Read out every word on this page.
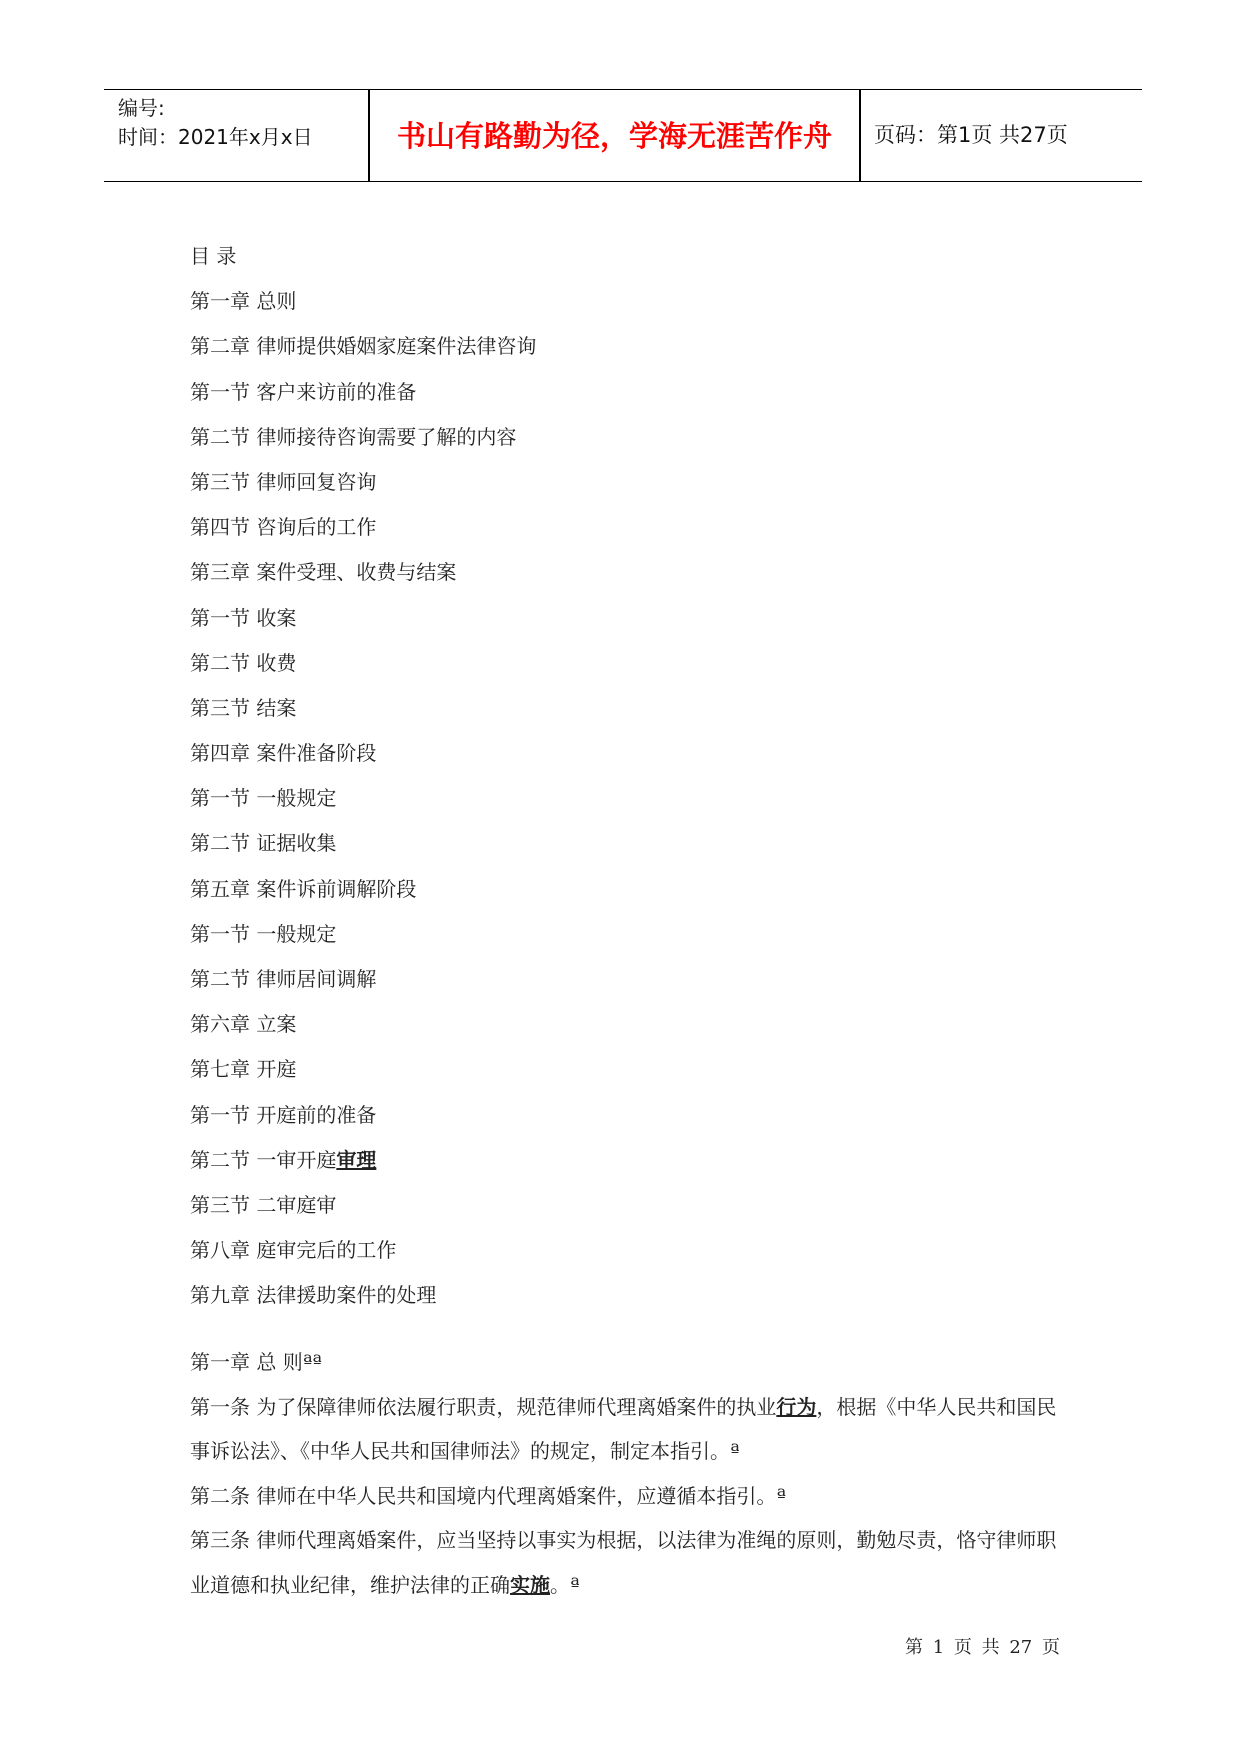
编号:
时间：2021年x月x日	书山有路勤为径，学海无涯苦作舟	页码：第1页 共27页
目 录
第一章 总则
第二章 律师提供婚姻家庭案件法律咨询
第一节 客户来访前的准备
第二节 律师接待咨询需要了解的内容
第三节 律师回复咨询
第四节 咨询后的工作
第三章 案件受理、收费与结案
第一节 收案
第二节 收费
第三节 结案
第四章 案件准备阶段
第一节 一般规定
第二节 证据收集
第五章 案件诉前调解阶段
第一节 一般规定
第二节 律师居间调解
第六章 立案
第七章 开庭
第一节 开庭前的准备
第二节 一审开庭审理
第三节 二审庭审
第八章 庭审完后的工作
第九章 法律援助案件的处理

第一章 总 则ªª

第一条 为了保障律师依法履行职责，规范律师代理离婚案件的执业行为，根据《中华人民共和国民事诉讼法》、《中华人民共和国律师法》的规定，制定本指引。ª

第二条 律师在中华人民共和国境内代理离婚案件，应遵循本指引。ª

第三条 律师代理离婚案件，应当坚持以事实为根据，以法律为准绳的原则，勤勉尽责，恪守律师职业道德和执业纪律，维护法律的正确实施。ª

第 1 页 共 27 页
